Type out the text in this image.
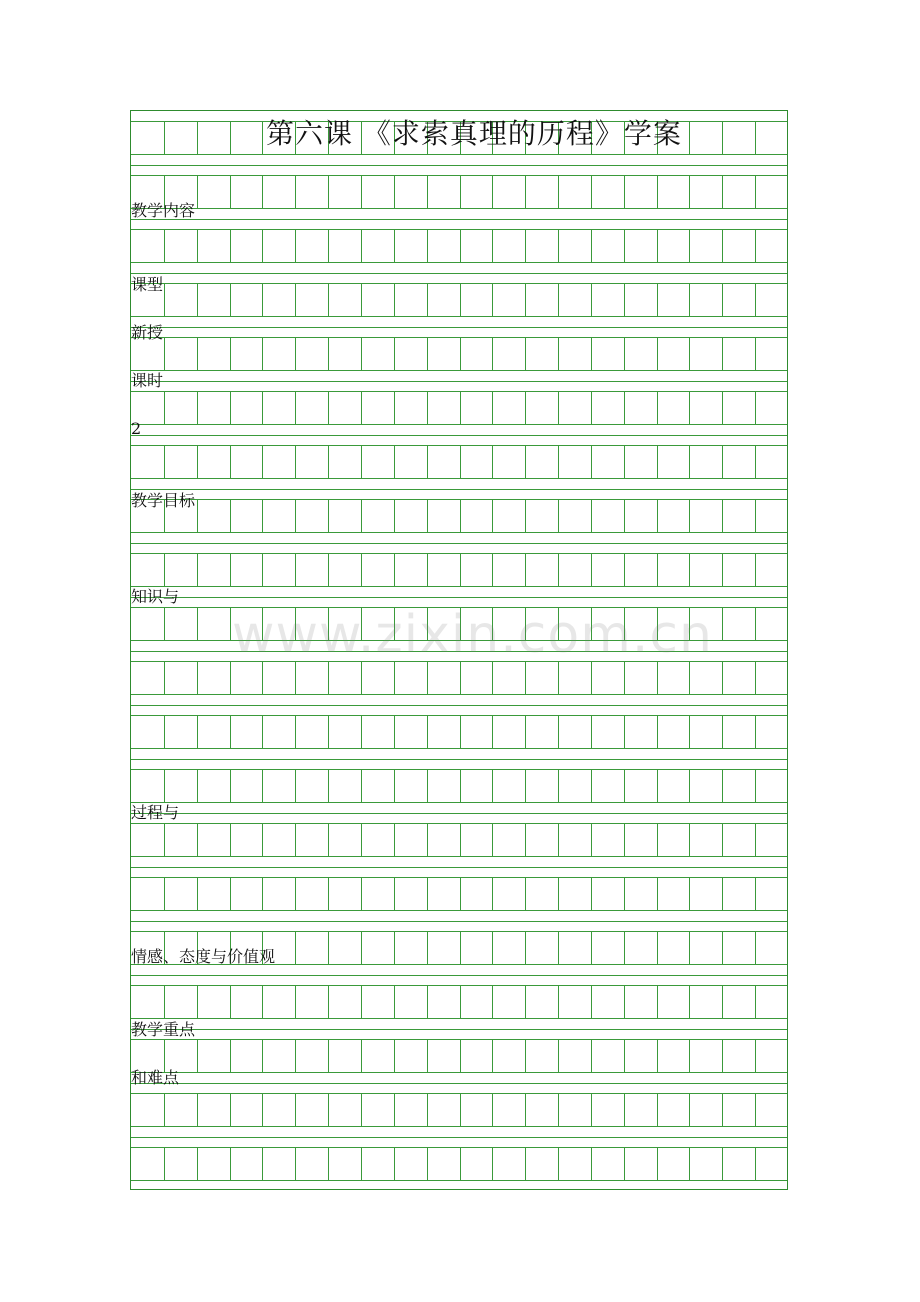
www.zixin.com.cn
第六课 《求索真理的历程》学案
教学内容
课型
新授
课时
2
教学目标
知识与
过程与
情感、态度与价值观
教学重点
和难点
